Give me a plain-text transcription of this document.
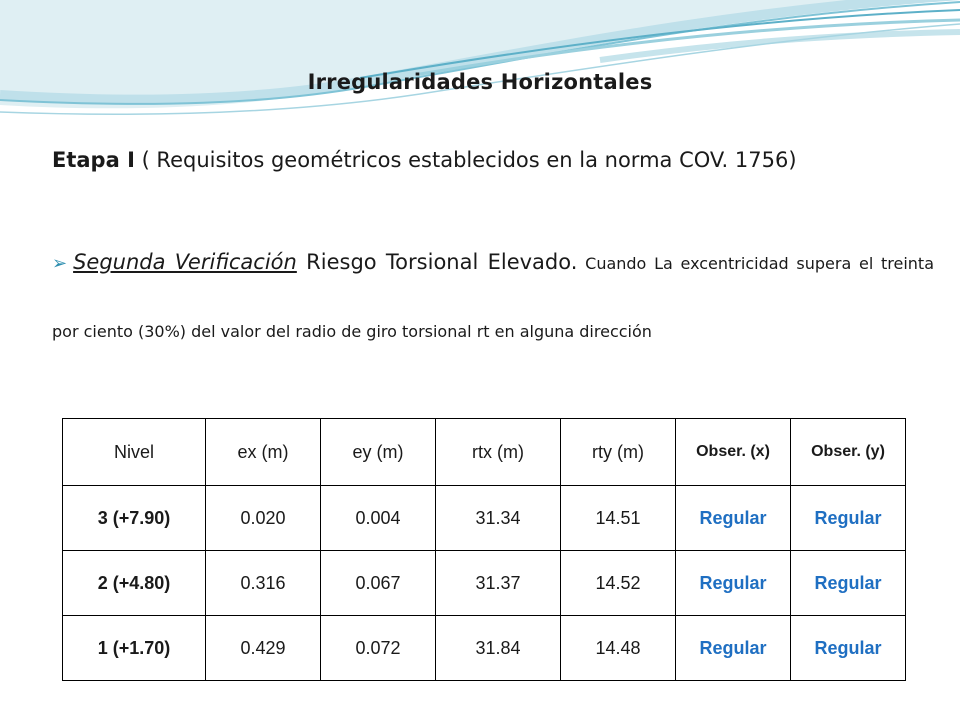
Irregularidades Horizontales
Etapa I ( Requisitos geométricos establecidos en la norma COV. 1756)
➢ Segunda Verificación Riesgo Torsional Elevado. Cuando La excentricidad supera el treinta por ciento (30%) del valor del radio de giro torsional rt en alguna dirección
Nivel	ex (m)	ey (m)	rtx (m)	rty (m)	Obser. (x)	Obser. (y)
3 (+7.90)	0.020	0.004	31.34	14.51	Regular	Regular
2 (+4.80)	0.316	0.067	31.37	14.52	Regular	Regular
1 (+1.70)	0.429	0.072	31.84	14.48	Regular	Regular
